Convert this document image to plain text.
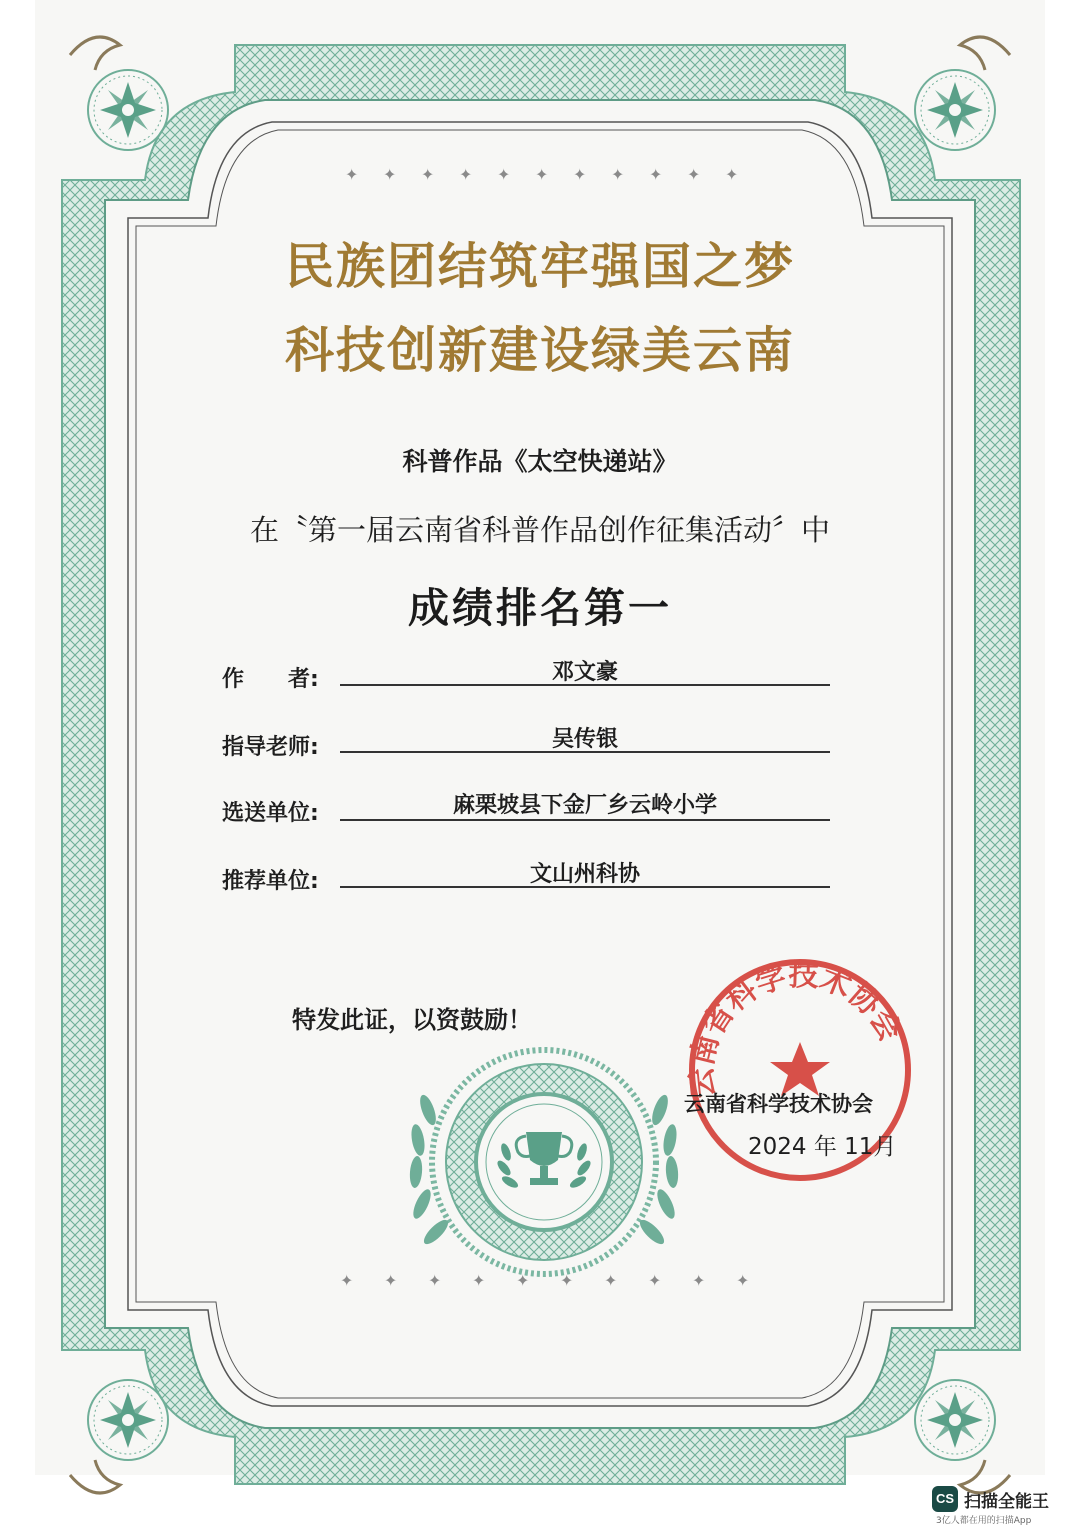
✦ ✦ ✦ ✦ ✦ ✦ ✦ ✦ ✦ ✦ ✦
✦ ✦ ✦ ✦ ✦ ✦ ✦ ✦ ✦ ✦
云南省科学技术协会
民族团结筑牢强国之梦
科技创新建设绿美云南
科普作品《太空快递站》
在〝第一届云南省科普作品创作征集活动〞中
成绩排名第一
作　　者:	邓文豪
指导老师:	吴传银
选送单位:	麻栗坡县下金厂乡云岭小学
推荐单位:	文山州科协
特发此证，以资鼓励！
云南省科学技术协会
2024 年 11月
CS 扫描全能王
3亿人都在用的扫描App
